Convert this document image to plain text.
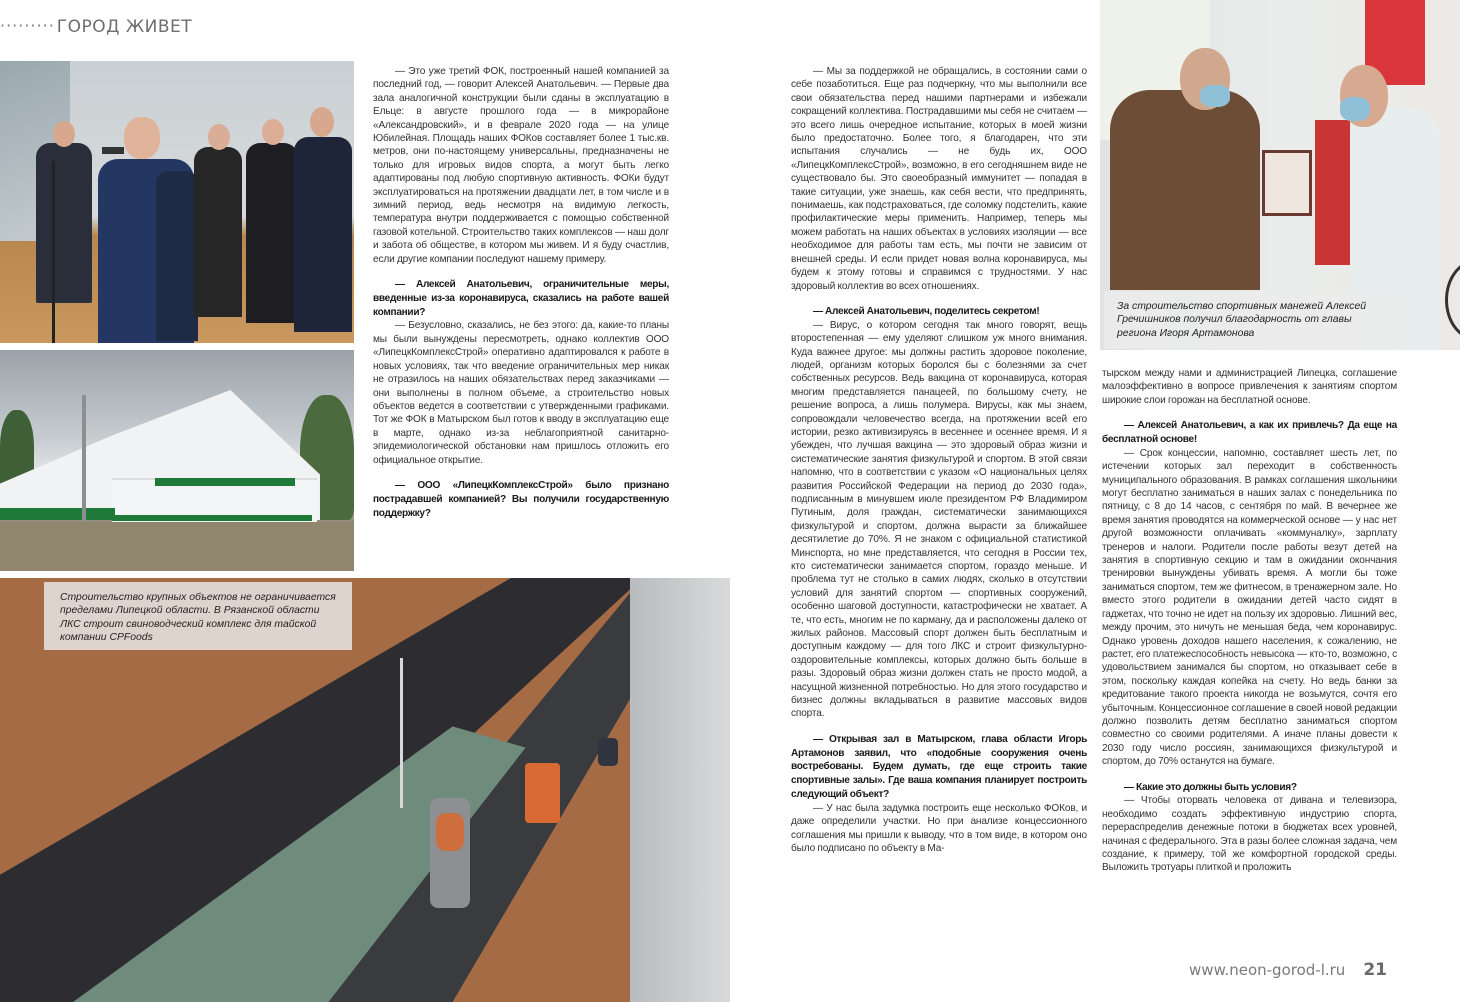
········· ГОРОД ЖИВЕТ
Строительство крупных объектов не ограничивается пределами Липецкой области. В Рязанской области ЛКС строит свиноводческий комплекс для тайской компании CPFoods
За строительство спортивных манежей Алексей Гречишников получил благодарность от главы региона Игоря Артамонова

— Это уже третий ФОК, построенный нашей компанией за последний год, — говорит Алексей Анатольевич. — Первые два зала аналогичной конструкции были сданы в эксплуатацию в Ельце: в августе прошлого года — в микрорайоне «Александровский», и в феврале 2020 года — на улице Юбилейная. Площадь наших ФОКов составляет более 1 тыс.кв. метров, они по-настоящему универсальны, предназначены не только для игровых видов спорта, а могут быть легко адаптированы под любую спортивную активность. ФОКи будут эксплуатироваться на протяжении двадцати лет, в том числе и в зимний период, ведь несмотря на видимую легкость, температура внутри поддерживается с помощью собственной газовой котельной. Строительство таких комплексов — наш долг и забота об обществе, в котором мы живем. И я буду счастлив, если другие компании последуют нашему примеру.

— Алексей Анатольевич, ограничительные меры, введенные из-за коронавируса, сказались на работе вашей компании?

— Безусловно, сказались, не без этого: да, какие-то планы мы были вынуждены пересмотреть, однако коллектив ООО «ЛипецкКомплексСтрой» оперативно адаптировался к работе в новых условиях, так что введение ограничительных мер никак не отразилось на наших обязательствах перед заказчиками — они выполнены в полном объеме, а строительство новых объектов ведется в соответствии с утвержденными графиками. Тот же ФОК в Матырском был готов к вводу в эксплуатацию еще в марте, однако из-за неблагоприятной санитарно-эпидемиологической обстановки нам пришлось отложить его официальное открытие.

— ООО «ЛипецкКомплексСтрой» было признано пострадавшей компанией? Вы получили государственную поддержку?

— Мы за поддержкой не обращались, в состоянии сами о себе позаботиться. Еще раз подчеркну, что мы выполнили все свои обязательства перед нашими партнерами и избежали сокращений коллектива. Пострадавшими мы себя не считаем — это всего лишь очередное испытание, которых в моей жизни было предостаточно. Более того, я благодарен, что эти испытания случались — не будь их, ООО «ЛипецкКомплексСтрой», возможно, в его сегодняшнем виде не существовало бы. Это своеобразный иммунитет — попадая в такие ситуации, уже знаешь, как себя вести, что предпринять, понимаешь, как подстраховаться, где соломку подстелить, какие профилактические меры применить. Например, теперь мы можем работать на наших объектах в условиях изоляции — все необходимое для работы там есть, мы почти не зависим от внешней среды. И если придет новая волна коронавируса, мы будем к этому готовы и справимся с трудностями. У нас здоровый коллектив во всех отношениях.

— Алексей Анатольевич, поделитесь секретом!

— Вирус, о котором сегодня так много говорят, вещь второстепенная — ему уделяют слишком уж много внимания. Куда важнее другое: мы должны растить здоровое поколение, людей, организм которых боролся бы с болезнями за счет собственных ресурсов. Ведь вакцина от коронавируса, которая многим представляется панацеей, по большому счету, не решение вопроса, а лишь полумера. Вирусы, как мы знаем, сопровождали человечество всегда, на протяжении всей его истории, резко активизируясь в весеннее и осеннее время. И я убежден, что лучшая вакцина — это здоровый образ жизни и систематические занятия физкультурой и спортом. В этой связи напомню, что в соответствии с указом «О национальных целях развития Российской Федерации на период до 2030 года», подписанным в минувшем июле президентом РФ Владимиром Путиным, доля граждан, систематически занимающихся физкультурой и спортом, должна вырасти за ближайшее десятилетие до 70%. Я не знаком с официальной статистикой Минспорта, но мне представляется, что сегодня в России тех, кто систематически занимается спортом, гораздо меньше. И проблема тут не столько в самих людях, сколько в отсутствии условий для занятий спортом — спортивных сооружений, особенно шаговой доступности, катастрофически не хватает. А те, что есть, многим не по карману, да и расположены далеко от жилых районов. Массовый спорт должен быть бесплатным и доступным каждому — для того ЛКС и строит физкультурно-оздоровительные комплексы, которых должно быть больше в разы. Здоровый образ жизни должен стать не просто модой, а насущной жизненной потребностью. Но для этого государство и бизнес должны вкладываться в развитие массовых видов спорта.

— Открывая зал в Матырском, глава области Игорь Артамонов заявил, что «подобные сооружения очень востребованы. Будем думать, где еще строить такие спортивные залы». Где ваша компания планирует построить следующий объект?

— У нас была задумка построить еще несколько ФОКов, и даже определили участки. Но при анализе концессионного соглашения мы пришли к выводу, что в том виде, в котором оно было подписано по объекту в Ма-

тырском между нами и администрацией Липецка, соглашение малоэффективно в вопросе привлечения к занятиям спортом широкие слои горожан на бесплатной основе.

— Алексей Анатольевич, а как их привлечь? Да еще на бесплатной основе!

— Срок концессии, напомню, составляет шесть лет, по истечении которых зал переходит в собственность муниципального образования. В рамках соглашения школьники могут бесплатно заниматься в наших залах с понедельника по пятницу, с 8 до 14 часов, с сентября по май. В вечернее же время занятия проводятся на коммерческой основе — у нас нет другой возможности оплачивать «коммуналку», зарплату тренеров и налоги. Родители после работы везут детей на занятия в спортивную секцию и там в ожидании окончания тренировки вынуждены убивать время. А могли бы тоже заниматься спортом, тем же фитнесом, в тренажерном зале. Но вместо этого родители в ожидании детей часто сидят в гаджетах, что точно не идет на пользу их здоровью. Лишний вес, между прочим, это ничуть не меньшая беда, чем коронавирус. Однако уровень доходов нашего населения, к сожалению, не растет, его платежеспособность невысока — кто-то, возможно, с удовольствием занимался бы спортом, но отказывает себе в этом, поскольку каждая копейка на счету. Но ведь банки за кредитование такого проекта никогда не возьмутся, сочтя его убыточным. Концессионное соглашение в своей новой редакции должно позволить детям бесплатно заниматься спортом совместно со своими родителями. А иначе планы довести к 2030 году число россиян, занимающихся физкультурой и спортом, до 70% останутся на бумаге.

— Какие это должны быть условия?

— Чтобы оторвать человека от дивана и телевизора, необходимо создать эффективную индустрию спорта, перераспределив денежные потоки в бюджетах всех уровней, начиная с федерального. Эта в разы более сложная задача, чем создание, к примеру, той же комфортной городской среды. Выложить тротуары плиткой и проложить

www.neon-gorod-l.ru 21
